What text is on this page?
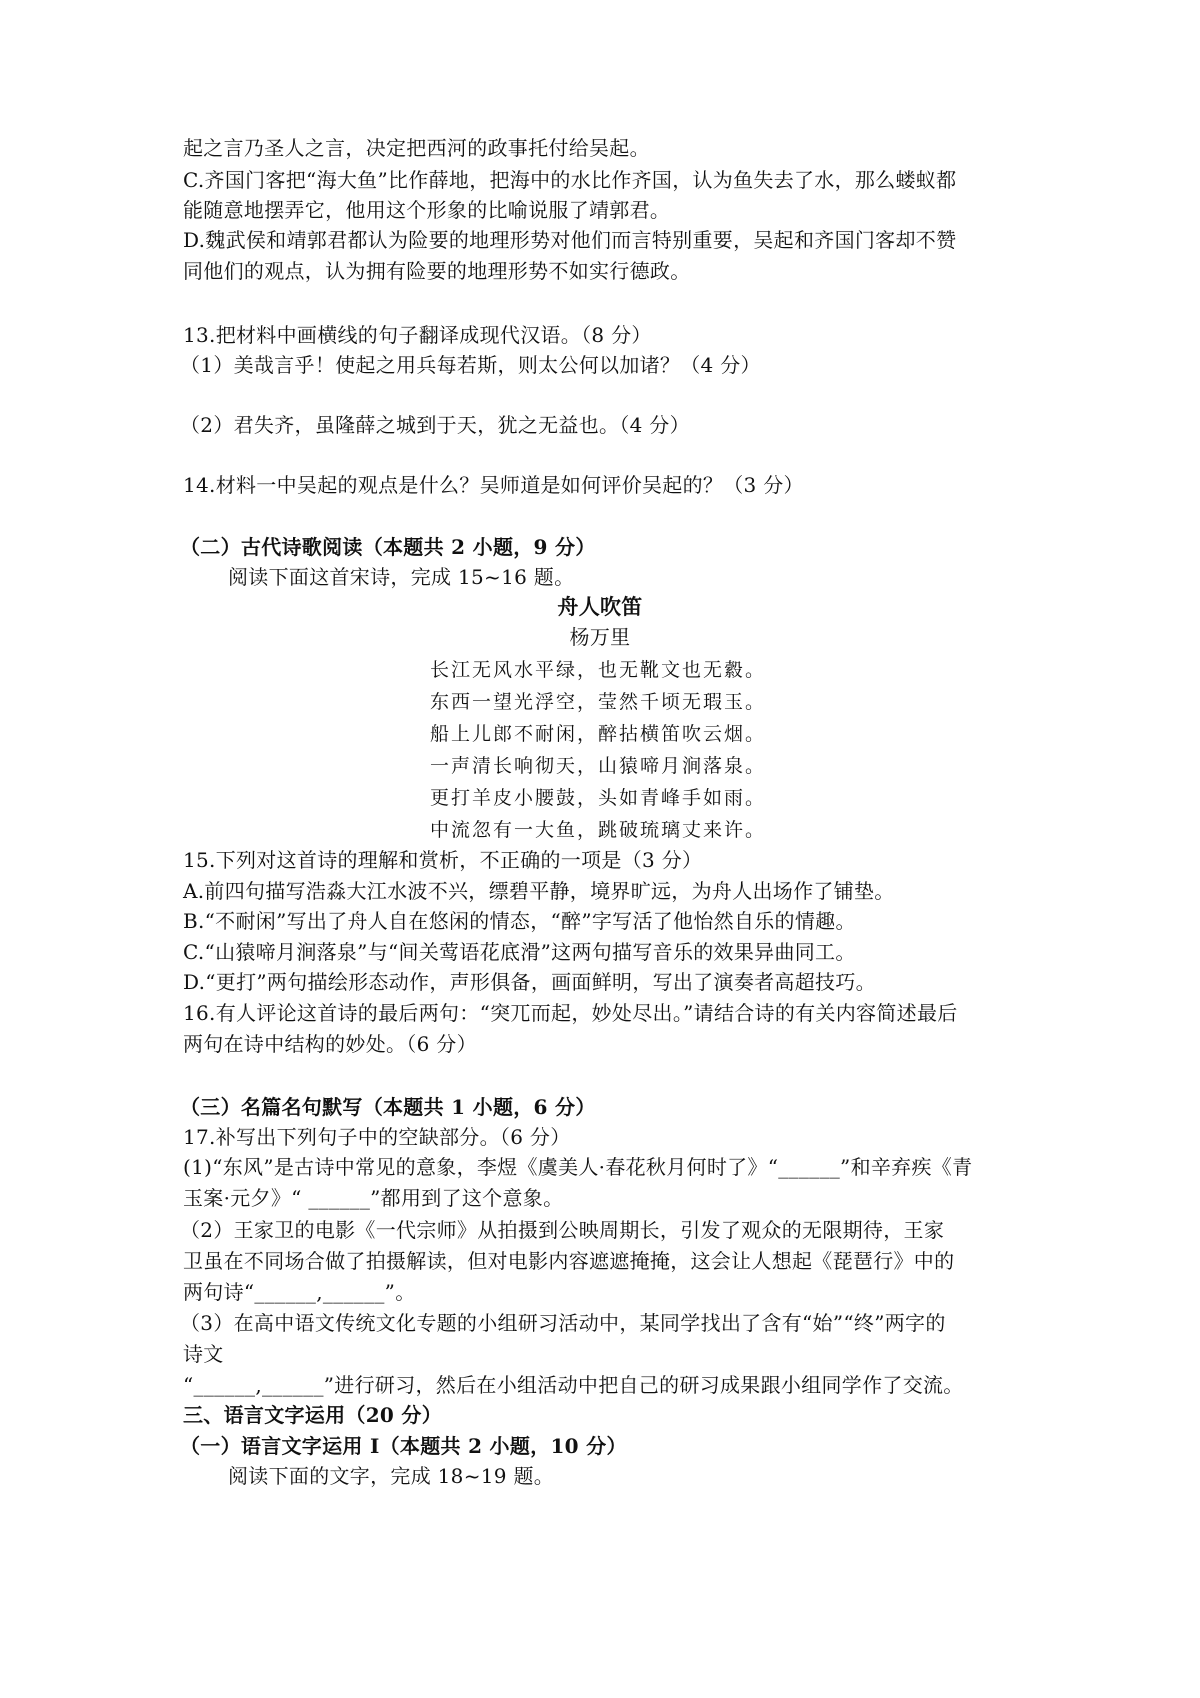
起之言乃圣人之言，决定把西河的政事托付给吴起。
C.齐国门客把“海大鱼”比作薛地，把海中的水比作齐国，认为鱼失去了水，那么蝼蚁都
能随意地摆弄它，他用这个形象的比喻说服了靖郭君。
D.魏武侯和靖郭君都认为险要的地理形势对他们而言特别重要，吴起和齐国门客却不赞
同他们的观点，认为拥有险要的地理形势不如实行德政。
13.把材料中画横线的句子翻译成现代汉语。（8 分）
（1）美哉言乎！使起之用兵每若斯，则太公何以加诸？（4 分）
（2）君失齐，虽隆薛之城到于天，犹之无益也。（4 分）
14.材料一中吴起的观点是什么？吴师道是如何评价吴起的？（3 分）
（二）古代诗歌阅读（本题共 2 小题，9 分）
阅读下面这首宋诗，完成 15~16 题。
舟人吹笛
杨万里
长江无风水平绿，也无靴文也无縠。
东西一望光浮空，莹然千顷无瑕玉。
船上儿郎不耐闲，醉拈横笛吹云烟。
一声清长响彻天，山猿啼月涧落泉。
更打羊皮小腰鼓，头如青峰手如雨。
中流忽有一大鱼，跳破琉璃丈来许。
15.下列对这首诗的理解和赏析，不正确的一项是（3 分）
A.前四句描写浩淼大江水波不兴，缥碧平静，境界旷远，为舟人出场作了铺垫。
B.“不耐闲”写出了舟人自在悠闲的情态，“醉”字写活了他怡然自乐的情趣。
C.“山猿啼月涧落泉”与“间关莺语花底滑”这两句描写音乐的效果异曲同工。
D.“更打”两句描绘形态动作，声形俱备，画面鲜明，写出了演奏者高超技巧。
16.有人评论这首诗的最后两句：“突兀而起，妙处尽出。”请结合诗的有关内容简述最后
两句在诗中结构的妙处。（6 分）
（三）名篇名句默写（本题共 1 小题，6 分）
17.补写出下列句子中的空缺部分。（6 分）
(1)“东风”是古诗中常见的意象，李煜《虞美人·春花秋月何时了》“______”和辛弃疾《青
玉案·元夕》“ ______”都用到了这个意象。
（2）王家卫的电影《一代宗师》从拍摄到公映周期长，引发了观众的无限期待，王家
卫虽在不同场合做了拍摄解读，但对电影内容遮遮掩掩，这会让人想起《琵琶行》中的
两句诗“______,______”。
（3）在高中语文传统文化专题的小组研习活动中，某同学找出了含有“始”“终”两字的
诗文
“______,______”进行研习，然后在小组活动中把自己的研习成果跟小组同学作了交流。
三、语言文字运用（20 分）
（一）语言文字运用 I（本题共 2 小题，10 分）
阅读下面的文字，完成 18~19 题。
